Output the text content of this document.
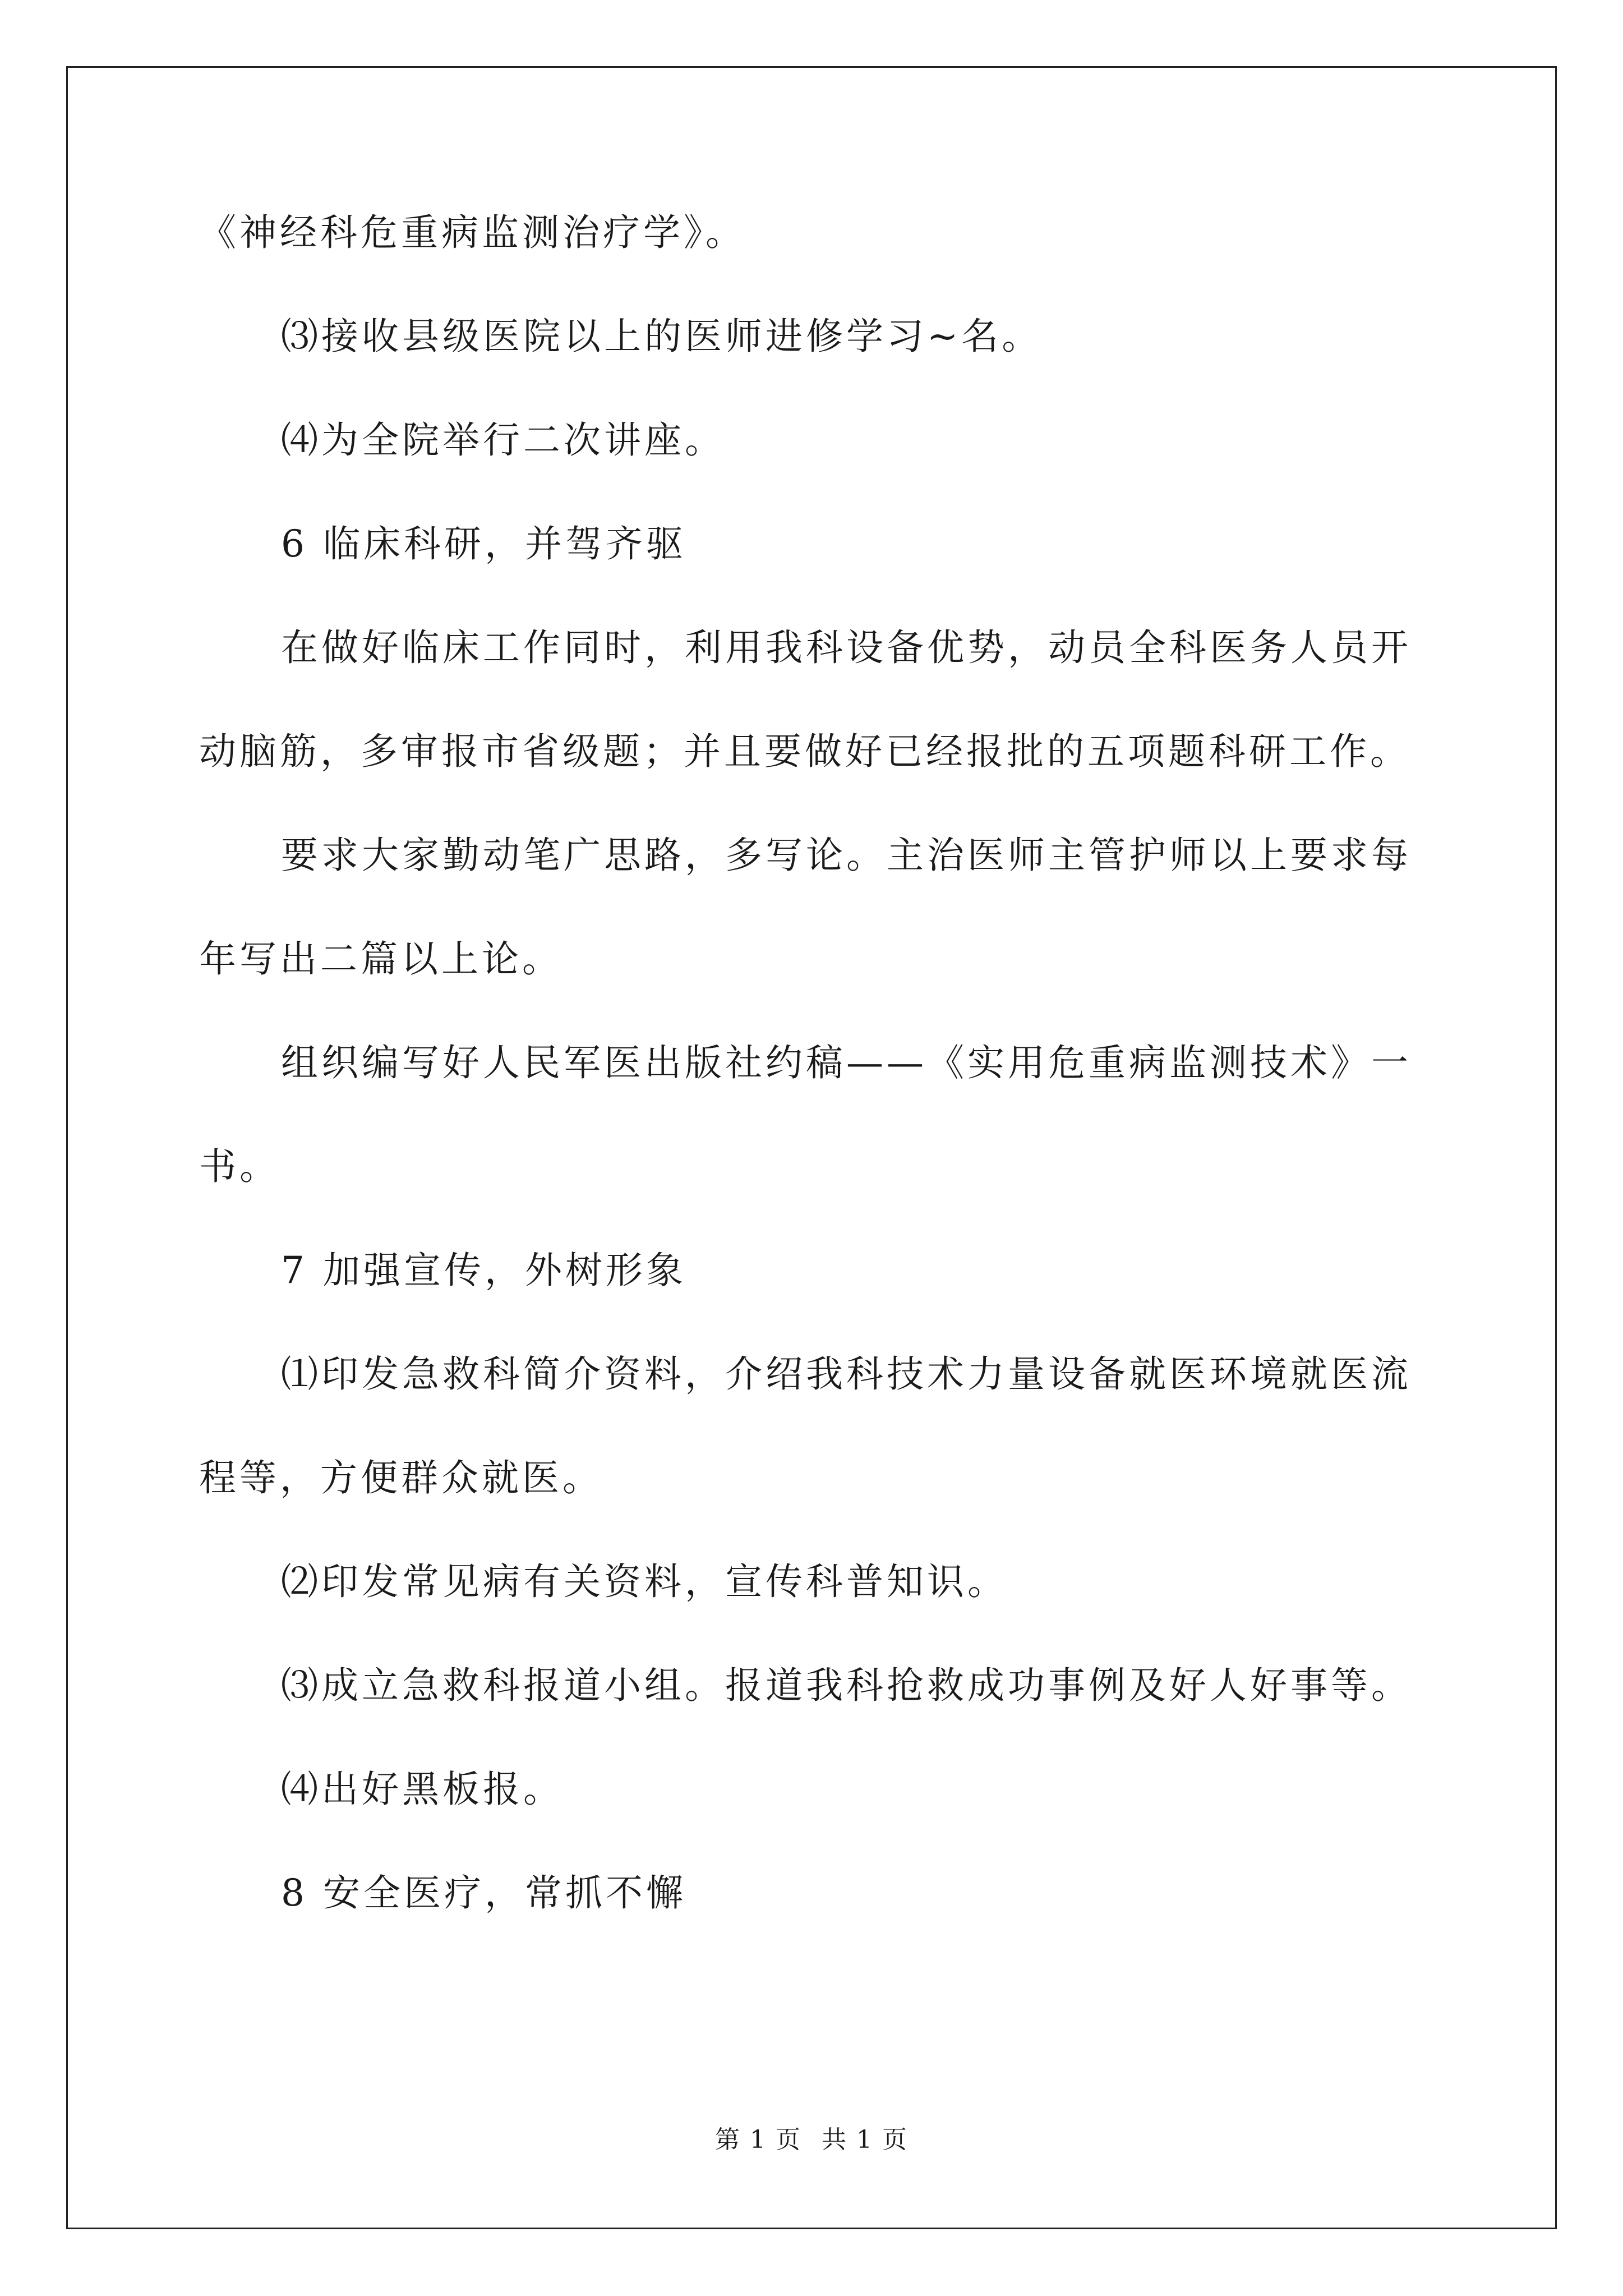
《神经科危重病监测治疗学》。
⑶接收县级医院以上的医师进修学习~名。
⑷为全院举行二次讲座。
6 临床科研，并驾齐驱
在做好临床工作同时，利用我科设备优势，动员全科医务人员开
动脑筋，多审报市省级题；并且要做好已经报批的五项题科研工作。
要求大家勤动笔广思路，多写论。主治医师主管护师以上要求每
年写出二篇以上论。
组织编写好人民军医出版社约稿——《实用危重病监测技术》一
书。
7 加强宣传，外树形象
⑴印发急救科简介资料，介绍我科技术力量设备就医环境就医流
程等，方便群众就医。
⑵印发常见病有关资料，宣传科普知识。
⑶成立急救科报道小组。报道我科抢救成功事例及好人好事等。
⑷出好黑板报。
8 安全医疗，常抓不懈
第 1 页 共 1 页
